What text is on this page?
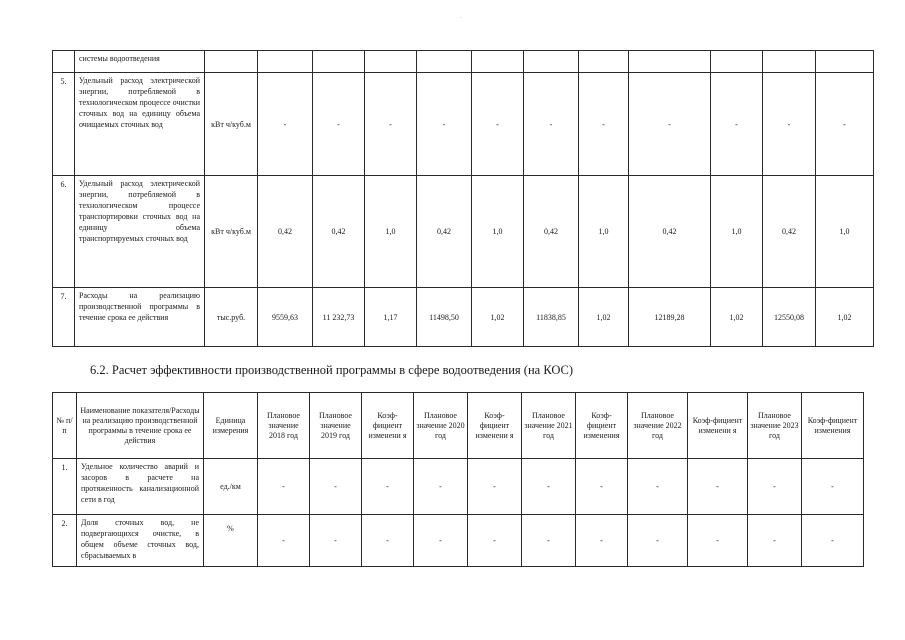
.
	системы водоотведения												
5.	Удельный расход электрической энергии, потребляемой в технологическом процессе очистки сточных вод на единицу объема очищаемых сточных вод	кВт ч/куб.м	-	-	-	-	-	-	-	-	-	-	-
6.	Удельный расход электрической энергии, потребляемой в технологическом процессе транспортировки сточных вод на единицу объема транспортируемых сточных вод	кВт ч/куб.м	0,42	0,42	1,0	0,42	1,0	0,42	1,0	0,42	1,0	0,42	1,0
7.	Расходы на реализацию производственной программы в течение срока ее действия	тыс.руб.	9559,63	11 232,73	1,17	11498,50	1,02	11838,85	1,02	12189,28	1,02	12550,08	1,02
6.2. Расчет эффективности производственной программы в сфере водоотведения (на КОС)
№ п/п	Наименование показателя/Расходы на реализацию производственной программы в течение срока ее действия	Единица измерения	Плановое значение 2018 год	Плановое значение 2019 год	Коэф-фициент изменени я	Плановое значение 2020 год	Коэф-фициент изменени я	Плановое значение 2021 год	Коэф-фициент изменения	Плановое значение 2022 год	Коэф-фициент изменени я	Плановое значение 2023 год	Коэф-фициент изменения
1.	Удельное количество аварий и засоров в расчете на протяженность канализационной сети в год	ед./км	-	-	-	-	-	-	-	-	-	-	-
2.	Доля сточных вод, не подвергающихся очистке, в общем объеме сточных вод, сбрасываемых в	%	-	-	-	-	-	-	-	-	-	-	-
